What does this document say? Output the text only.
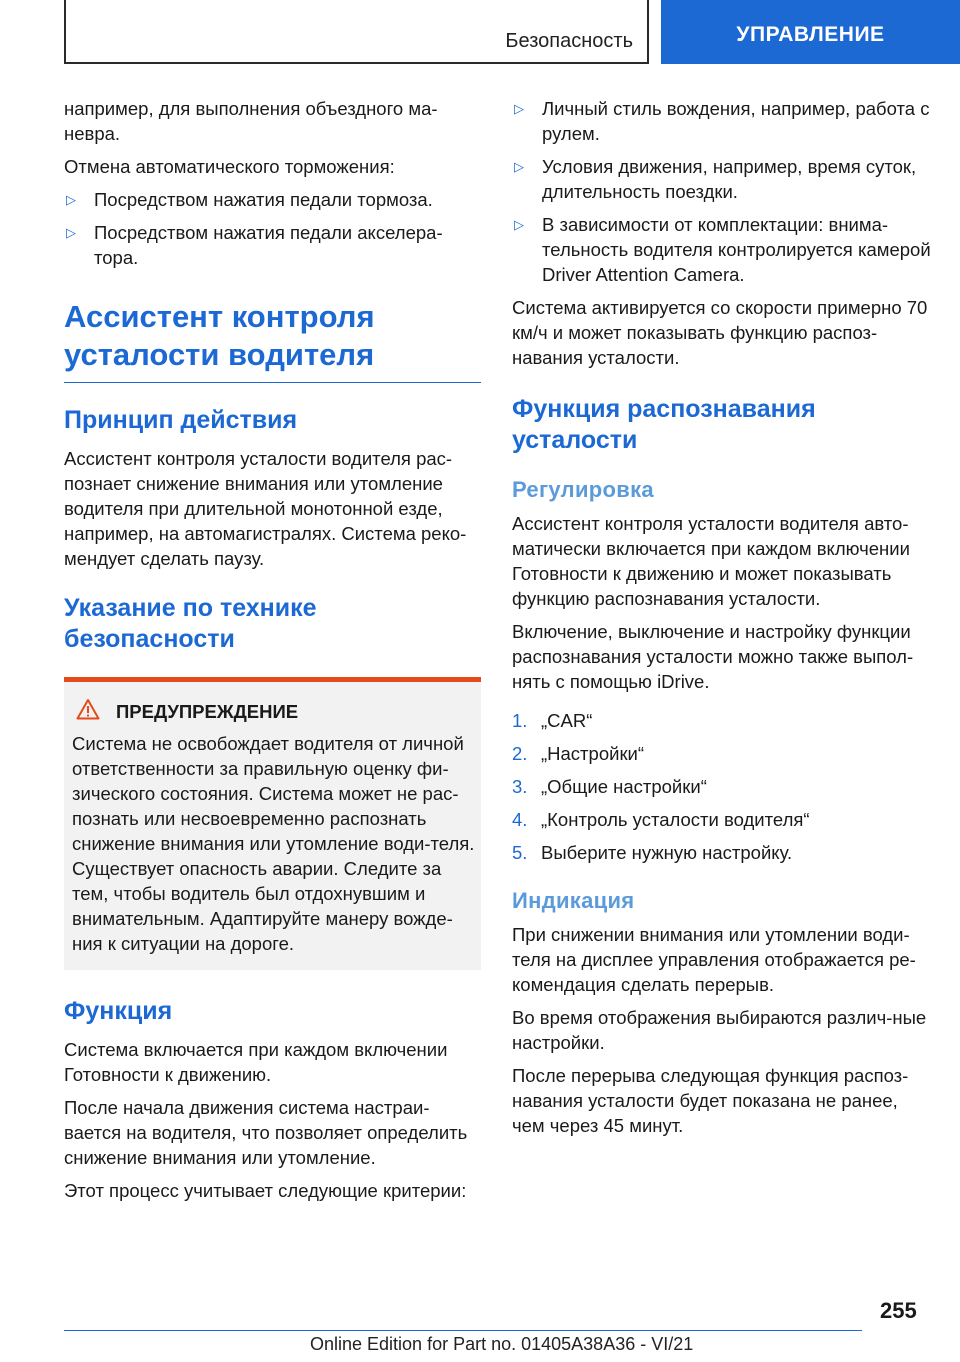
Безопасность	УПРАВЛЕНИЕ

например, для выполнения объездного ма-невра.

Отмена автоматического торможения:

▷ Посредством нажатия педали тормоза.
▷ Посредством нажатия педали акселера-тора.
Ассистент контроля усталости водителя
Принцип действия

Ассистент контроля усталости водителя рас-познает снижение внимания или утомление водителя при длительной монотонной езде, например, на автомагистралях. Система реко-мендует сделать паузу.

Указание по технике безопасности
ПРЕДУПРЕЖДЕНИЕ

Система не освобождает водителя от личной ответственности за правильную оценку фи-зического состояния. Система может не рас-познать или несвоевременно распознать снижение внимания или утомление води-теля. Существует опасность аварии. Следите за тем, чтобы водитель был отдохнувшим и внимательным. Адаптируйте манеру вожде-ния к ситуации на дороге.

Функция

Система включается при каждом включении Готовности к движению.

После начала движения система настраи-вается на водителя, что позволяет определить снижение внимания или утомление.

Этот процесс учитывает следующие критерии:

▷ Личный стиль вождения, например, работа с рулем.
▷ Условия движения, например, время суток, длительность поездки.
▷ В зависимости от комплектации: внима-тельность водителя контролируется камерой Driver Attention Camera.

Система активируется со скорости примерно 70 км/ч и может показывать функцию распоз-навания усталости.

Функция распознавания усталости
Регулировка

Ассистент контроля усталости водителя авто-матически включается при каждом включении Готовности к движению и может показывать функцию распознавания усталости.

Включение, выключение и настройку функции распознавания усталости можно также выпол-нять с помощью iDrive.

1. „CAR“
2. „Настройки“
3. „Общие настройки“
4. „Контроль усталости водителя“
5. Выберите нужную настройку.
Индикация

При снижении внимания или утомлении води-теля на дисплее управления отображается ре-комендация сделать перерыв.

Во время отображения выбираются различ-ные настройки.

После перерыва следующая функция распоз-навания усталости будет показана не ранее, чем через 45 минут.

255
Online Edition for Part no. 01405A38A36 - VI/21
